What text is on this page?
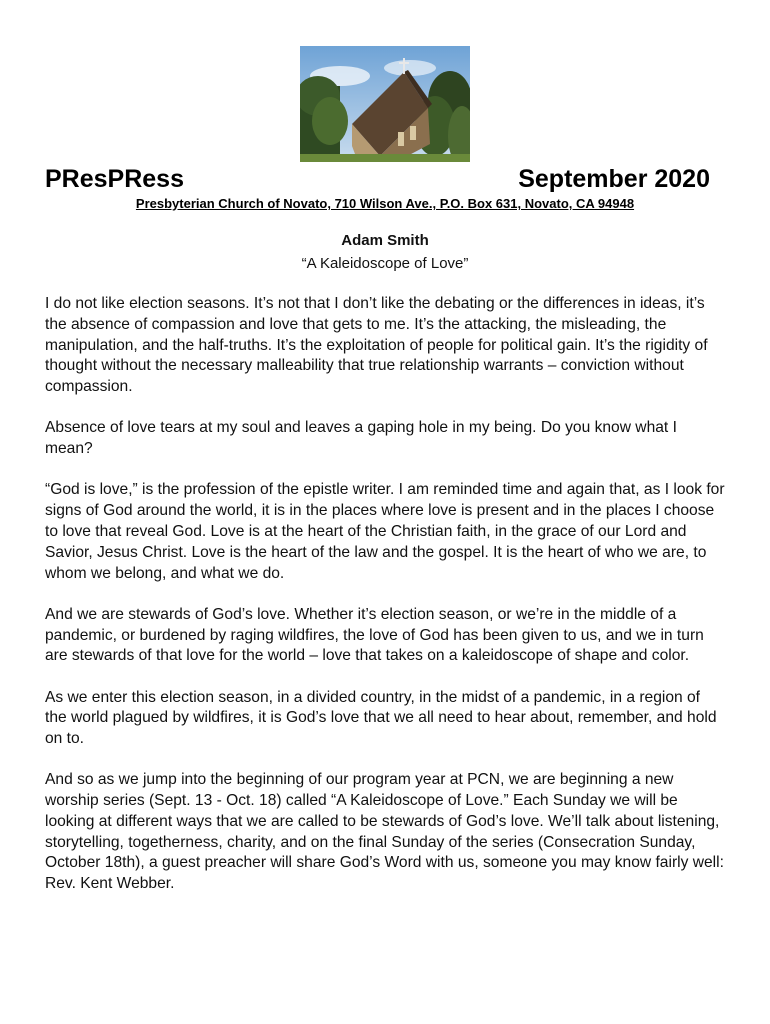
PResPRess	September 2020
Presbyterian Church of Novato, 710 Wilson Ave., P.O. Box 631, Novato, CA 94948
Adam Smith
“A Kaleidoscope of Love”

I do not like election seasons. It’s not that I don’t like the debating or the differences in ideas, it’s the absence of compassion and love that gets to me. It’s the attacking, the misleading, the manipulation, and the half-truths. It’s the exploitation of people for political gain. It’s the rigidity of thought without the necessary malleability that true relationship warrants – conviction without compassion.

Absence of love tears at my soul and leaves a gaping hole in my being. Do you know what I mean?

“God is love,” is the profession of the epistle writer. I am reminded time and again that, as I look for signs of God around the world, it is in the places where love is present and in the places I choose to love that reveal God. Love is at the heart of the Christian faith, in the grace of our Lord and Savior, Jesus Christ. Love is the heart of the law and the gospel. It is the heart of who we are, to whom we belong, and what we do.

And we are stewards of God’s love. Whether it’s election season, or we’re in the middle of a pandemic, or burdened by raging wildfires, the love of God has been given to us, and we in turn are stewards of that love for the world – love that takes on a kaleidoscope of shape and color.

As we enter this election season, in a divided country, in the midst of a pandemic, in a region of the world plagued by wildfires, it is God’s love that we all need to hear about, remember, and hold on to.

And so as we jump into the beginning of our program year at PCN, we are beginning a new worship series (Sept. 13 - Oct. 18) called “A Kaleidoscope of Love.” Each Sunday we will be looking at different ways that we are called to be stewards of God’s love. We’ll talk about listening, storytelling, togetherness, charity, and on the final Sunday of the series (Consecration Sunday, October 18th), a guest preacher will share God’s Word with us, someone you may know fairly well: Rev. Kent Webber.
